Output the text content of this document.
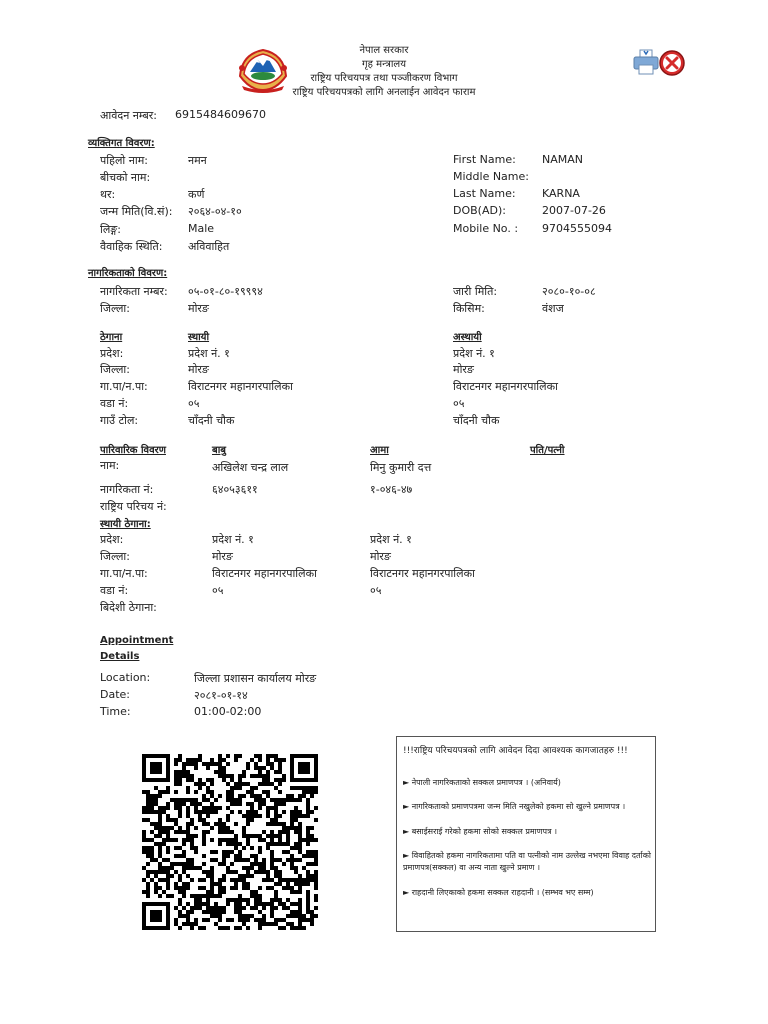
नेपाल सरकार
गृह मन्त्रालय
राष्ट्रिय परिचयपत्र तथा पञ्जीकरण विभाग
राष्ट्रिय परिचयपत्रको लागि अनलाईन आवेदन फाराम
आवेदन नम्बर: 6915484609670
व्यक्तिगत विवरण:
पहिलो नाम:	नमन
बीचको नाम:
थर:	कर्ण
जन्म मिति(वि.सं): २०६४-०४-१०
लिङ्ग:	Male
वैवाहिक स्थिति: अविवाहित
First Name: NAMAN
Middle Name:
Last Name: KARNA
DOB(AD):	2007-07-26
Mobile No. : 9704555094
नागरिकताको विवरण:
नागरिकता नम्बर: ०५-०१-८०-१९९९४
जिल्ला:	मोरङ
जारी मिति:	२०८०-१०-०८
किसिम:	वंशज
ठेगाना	स्थायी	अस्थायी
प्रदेश:	प्रदेश नं. १	प्रदेश नं. १
जिल्ला:	मोरङ	मोरङ
गा.पा/न.पा:	विराटनगर महानगरपालिका	विराटनगर महानगरपालिका
वडा नं:	०५	०५
गाउँ टोल:	चाँदनी चौक	चाँदनी चौक
पारिवारिक विवरण	बाबु	आमा	पति/पत्नी
नाम:	अखिलेश चन्द्र लाल	मिनु कुमारी दत्त
नागरिकता नं:	६४०५३६११	१-०४६-४७
राष्ट्रिय परिचय नं:
स्थायी ठेगाना:
प्रदेश:	प्रदेश नं. १	प्रदेश नं. १
जिल्ला:	मोरङ	मोरङ
गा.पा/न.पा:	विराटनगर महानगरपालिका	विराटनगर महानगरपालिका
वडा नं:	०५	०५
बिदेशी ठेगाना:
Appointment
Details
Location:	जिल्ला प्रशासन कार्यालय मोरङ
Date:	२०८१-०१-१४
Time:	01:00-02:00
!!!राष्ट्रिय परिचयपत्रको लागि आवेदन दिदा आवश्यक कागजातहरु !!!
► नेपाली नागरिकताको सक्कल प्रमाणपत्र । (अनिवार्य)
► नागरिकताको प्रमाणपत्रमा जन्म मिति नखुलेको हकमा सो खुल्ने प्रमाणपत्र ।
► बसाईसराई गरेको हकमा सोको सक्कल प्रमाणपत्र ।
► विवाहितको हकमा नागरिकतामा पति वा पत्नीको नाम उल्लेख नभएमा विवाह दर्ताको प्रमाणपत्र(सक्कल) वा अन्य नाता खुल्ने प्रमाण ।
► राहदानी लिएकाको हकमा सक्कल राहदानी । (सम्भव भए सम्म)
